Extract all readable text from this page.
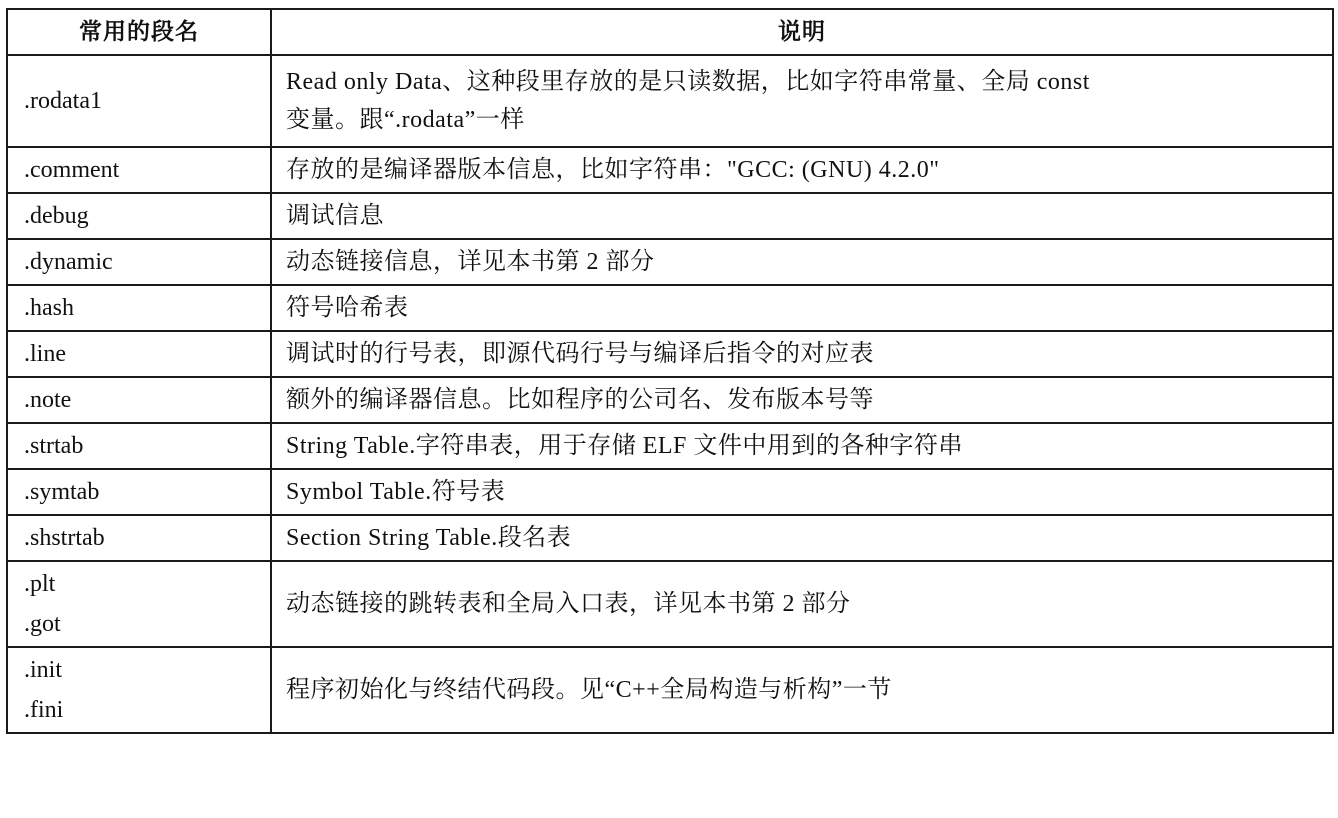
常用的段名	说明

.rodata1	Read only Data、这种段里存放的是只读数据，比如字符串常量、全局 const
变量。跟“.rodata”一样

.comment	存放的是编译器版本信息，比如字符串："GCC: (GNU) 4.2.0"

.debug	调试信息

.dynamic	动态链接信息，详见本书第 2 部分

.hash	符号哈希表

.line	调试时的行号表，即源代码行号与编译后指令的对应表

.note	额外的编译器信息。比如程序的公司名、发布版本号等

.strtab	String Table.字符串表，用于存储 ELF 文件中用到的各种字符串

.symtab	Symbol Table.符号表

.shstrtab	Section String Table.段名表

.plt
.got	动态链接的跳转表和全局入口表，详见本书第 2 部分

.init
.fini	程序初始化与终结代码段。见“C++全局构造与析构”一节
